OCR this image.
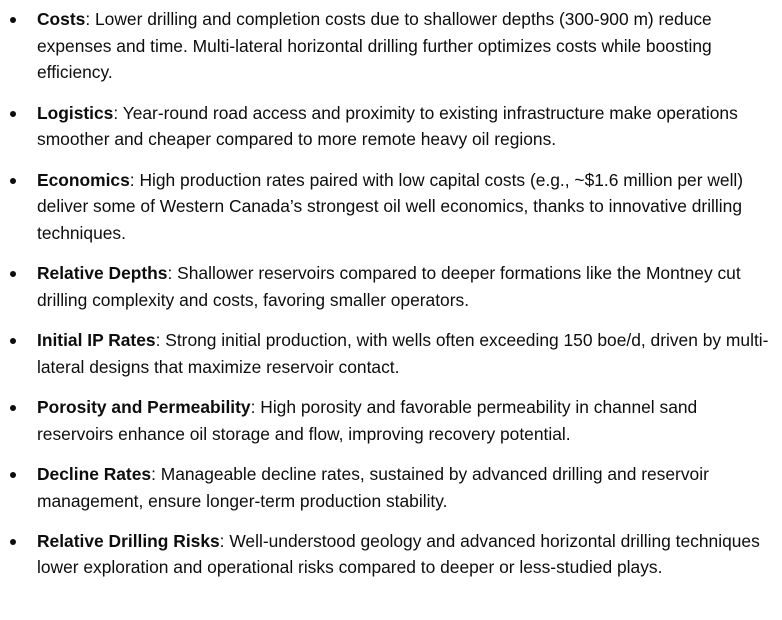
Costs: Lower drilling and completion costs due to shallower depths (300-900 m) reduce expenses and time. Multi-lateral horizontal drilling further optimizes costs while boosting efficiency.
Logistics: Year-round road access and proximity to existing infrastructure make operations smoother and cheaper compared to more remote heavy oil regions.
Economics: High production rates paired with low capital costs (e.g., ~$1.6 million per well) deliver some of Western Canada’s strongest oil well economics, thanks to innovative drilling techniques.
Relative Depths: Shallower reservoirs compared to deeper formations like the Montney cut drilling complexity and costs, favoring smaller operators.
Initial IP Rates: Strong initial production, with wells often exceeding 150 boe/d, driven by multi-lateral designs that maximize reservoir contact.
Porosity and Permeability: High porosity and favorable permeability in channel sand reservoirs enhance oil storage and flow, improving recovery potential.
Decline Rates: Manageable decline rates, sustained by advanced drilling and reservoir management, ensure longer-term production stability.
Relative Drilling Risks: Well-understood geology and advanced horizontal drilling techniques lower exploration and operational risks compared to deeper or less-studied plays.
